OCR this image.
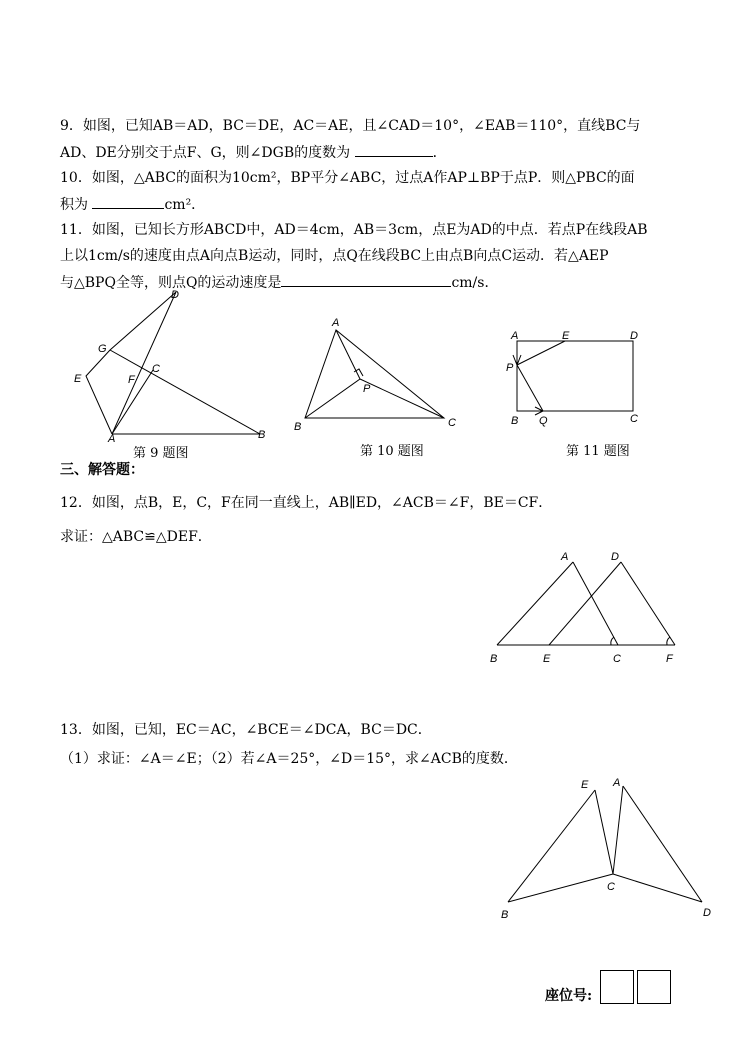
9．如图，已知AB＝AD，BC＝DE，AC＝AE，且∠CAD＝10°，∠EAB＝110°，直线BC与
AD、DE分别交于点F、G，则∠DGB的度数为	．
10．如图，△ABC的面积为10cm²，BP平分∠ABC，过点A作AP⊥BP于点P．则△PBC的面
积为	cm²．
11．如图，已知长方形ABCD中，AD＝4cm，AB＝3cm，点E为AD的中点．若点P在线段AB
上以1cm/s的速度由点A向点B运动，同时，点Q在线段BC上由点B向点C运动．若△AEP
与△BPQ全等，则点Q的运动速度是	cm/s．
D
G
E	F
C
A	B
第 9 题图
A
P
B	C
第 10 题图
A	E	D
P
B Q	C
第 11 题图
三、解答题：
12．如图，点B，E，C，F在同一直线上，AB∥ED，∠ACB＝∠F，BE＝CF．
求证：△ABC≌△DEF．
A	D
B	E	C	F
13．如图，已知，EC＝AC，∠BCE＝∠DCA，BC＝DC．
（1）求证：∠A＝∠E；（2）若∠A＝25°，∠D＝15°，求∠ACB的度数．
E A
C
B	D
座位号:
